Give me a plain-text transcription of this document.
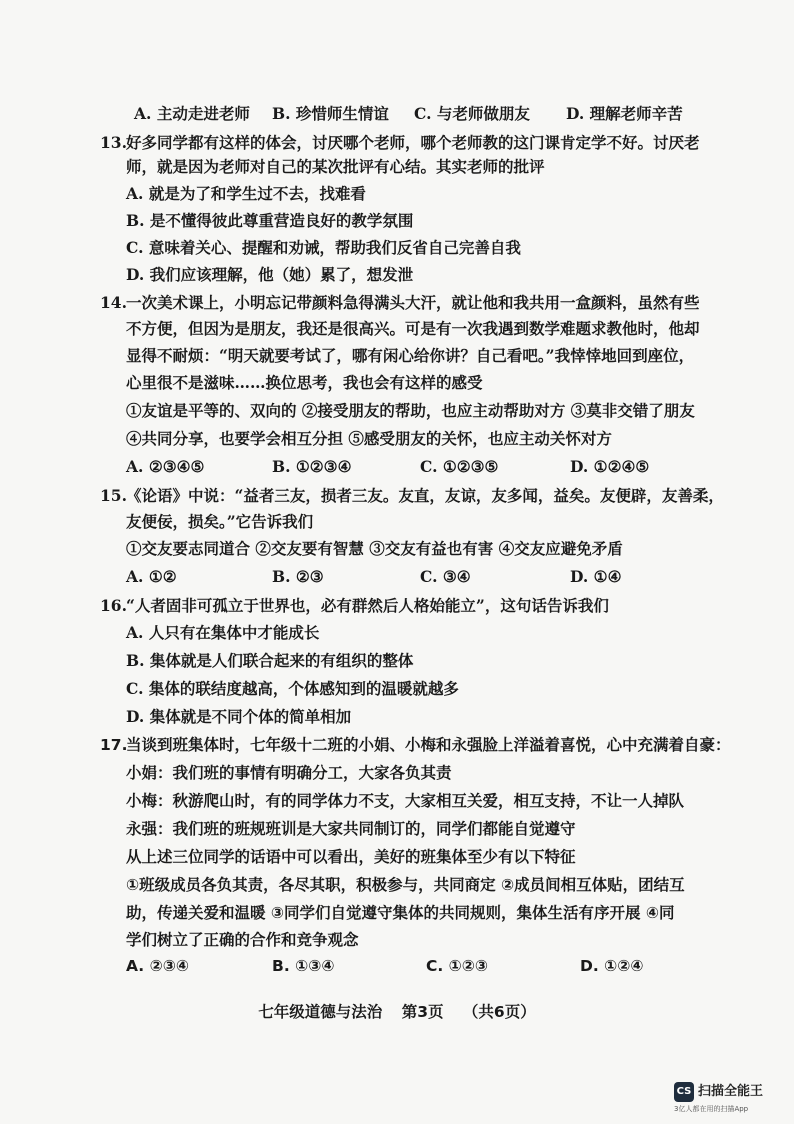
A. 主动走进老师 B. 珍惜师生情谊 C. 与老师做朋友 D. 理解老师辛苦
13.好多同学都有这样的体会，讨厌哪个老师，哪个老师教的这门课肯定学不好。讨厌老
师，就是因为老师对自己的某次批评有心结。其实老师的批评
A. 就是为了和学生过不去，找难看
B. 是不懂得彼此尊重营造良好的教学氛围
C. 意味着关心、提醒和劝诫，帮助我们反省自己完善自我
D. 我们应该理解，他（她）累了，想发泄
14.一次美术课上，小明忘记带颜料急得满头大汗，就让他和我共用一盒颜料，虽然有些
不方便，但因为是朋友，我还是很高兴。可是有一次我遇到数学难题求教他时，他却
显得不耐烦：“明天就要考试了，哪有闲心给你讲？自己看吧。”我悻悻地回到座位，
心里很不是滋味……换位思考，我也会有这样的感受
①友谊是平等的、双向的 ②接受朋友的帮助，也应主动帮助对方 ③莫非交错了朋友
④共同分享，也要学会相互分担 ⑤感受朋友的关怀，也应主动关怀对方
A. ②③④⑤	B. ①②③④	C. ①②③⑤	D. ①②④⑤
15.《论语》中说：“益者三友，损者三友。友直，友谅，友多闻，益矣。友便辟，友善柔，
友便佞，损矣。”它告诉我们
①交友要志同道合 ②交友要有智慧 ③交友有益也有害 ④交友应避免矛盾
A. ①②	B. ②③	C. ③④	D. ①④
16.“人者固非可孤立于世界也，必有群然后人格始能立”，这句话告诉我们
A. 人只有在集体中才能成长
B. 集体就是人们联合起来的有组织的整体
C. 集体的联结度越高，个体感知到的温暖就越多
D. 集体就是不同个体的简单相加
17.当谈到班集体时，七年级十二班的小娟、小梅和永强脸上洋溢着喜悦，心中充满着自豪：
小娟：我们班的事情有明确分工，大家各负其责
小梅：秋游爬山时，有的同学体力不支，大家相互关爱，相互支持，不让一人掉队
永强：我们班的班规班训是大家共同制订的，同学们都能自觉遵守
从上述三位同学的话语中可以看出，美好的班集体至少有以下特征
①班级成员各负其责，各尽其职，积极参与，共同商定 ②成员间相互体贴，团结互
助，传递关爱和温暖 ③同学们自觉遵守集体的共同规则，集体生活有序开展 ④同
学们树立了正确的合作和竞争观念
A. ②③④	B. ①③④	C. ①②③	D. ①②④
七年级道德与法治 第3页 （共6页）
CS 扫描全能王
3亿人都在用的扫描App
